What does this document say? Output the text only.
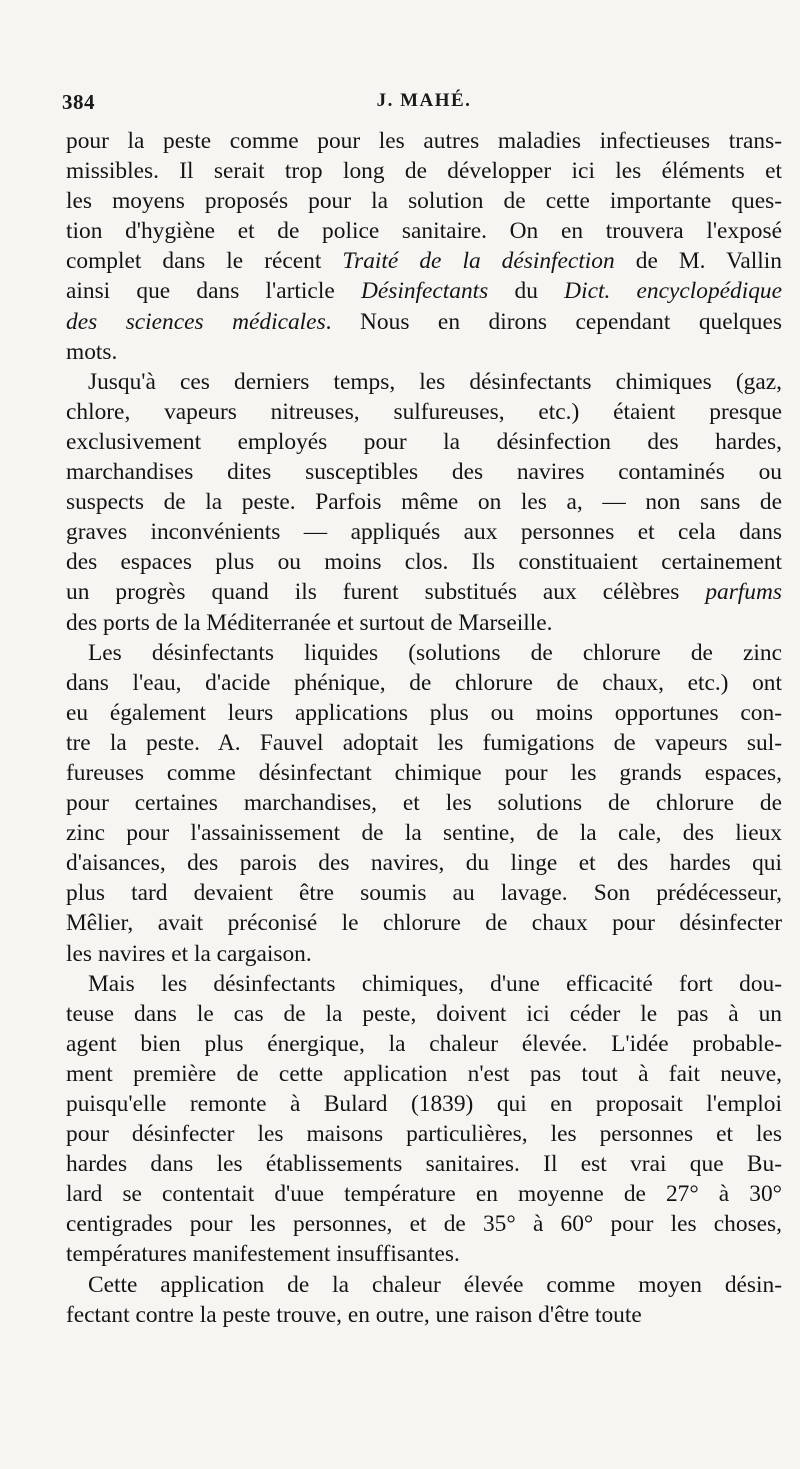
384	J. MAHÉ.

pour la peste comme pour les autres maladies infectieuses trans-
missibles. Il serait trop long de développer ici les éléments et
les moyens proposés pour la solution de cette importante ques-
tion d'hygiène et de police sanitaire. On en trouvera l'exposé
complet dans le récent Traité de la désinfection de M. Vallin
ainsi que dans l'article Désinfectants du Dict. encyclopédique
des sciences médicales. Nous en dirons cependant quelques
mots.

Jusqu'à ces derniers temps, les désinfectants chimiques (gaz,
chlore, vapeurs nitreuses, sulfureuses, etc.) étaient presque
exclusivement employés pour la désinfection des hardes,
marchandises dites susceptibles des navires contaminés ou
suspects de la peste. Parfois même on les a, — non sans de
graves inconvénients — appliqués aux personnes et cela dans
des espaces plus ou moins clos. Ils constituaient certainement
un progrès quand ils furent substitués aux célèbres parfums
des ports de la Méditerranée et surtout de Marseille.

Les désinfectants liquides (solutions de chlorure de zinc
dans l'eau, d'acide phénique, de chlorure de chaux, etc.) ont
eu également leurs applications plus ou moins opportunes con-
tre la peste. A. Fauvel adoptait les fumigations de vapeurs sul-
fureuses comme désinfectant chimique pour les grands espaces,
pour certaines marchandises, et les solutions de chlorure de
zinc pour l'assainissement de la sentine, de la cale, des lieux
d'aisances, des parois des navires, du linge et des hardes qui
plus tard devaient être soumis au lavage. Son prédécesseur,
Mêlier, avait préconisé le chlorure de chaux pour désinfecter
les navires et la cargaison.

Mais les désinfectants chimiques, d'une efficacité fort dou-
teuse dans le cas de la peste, doivent ici céder le pas à un
agent bien plus énergique, la chaleur élevée. L'idée probable-
ment première de cette application n'est pas tout à fait neuve,
puisqu'elle remonte à Bulard (1839) qui en proposait l'emploi
pour désinfecter les maisons particulières, les personnes et les
hardes dans les établissements sanitaires. Il est vrai que Bu-
lard se contentait d'uue température en moyenne de 27° à 30°
centigrades pour les personnes, et de 35° à 60° pour les choses,
températures manifestement insuffisantes.

Cette application de la chaleur élevée comme moyen désin-
fectant contre la peste trouve, en outre, une raison d'être toute
